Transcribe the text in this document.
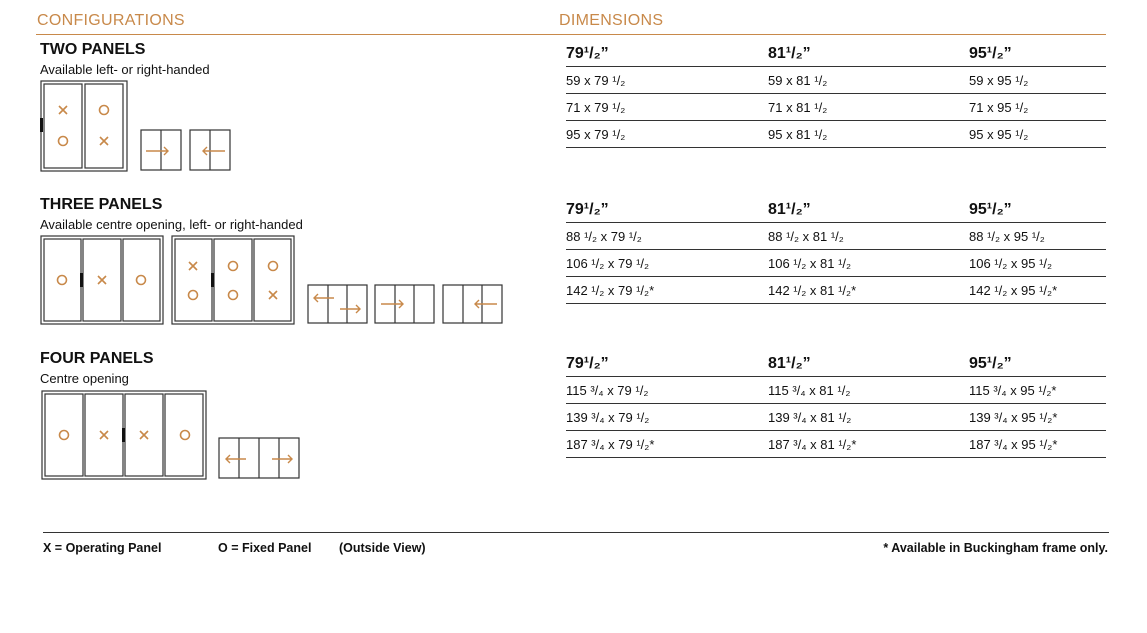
CONFIGURATIONS	DIMENSIONS
TWO PANELS
Available left- or right-handed
THREE PANELS
Available centre opening, left- or right-handed
FOUR PANELS
Centre opening
79¹/₂”	81¹/₂”	95¹/₂”
59 x 79 ¹/₂	59 x 81 ¹/₂	59 x 95 ¹/₂
71 x 79 ¹/₂	71 x 81 ¹/₂	71 x 95 ¹/₂
95 x 79 ¹/₂	95 x 81 ¹/₂	95 x 95 ¹/₂
79¹/₂”	81¹/₂”	95¹/₂”
88 ¹/₂ x 79 ¹/₂	88 ¹/₂ x 81 ¹/₂	88 ¹/₂ x 95 ¹/₂
106 ¹/₂ x 79 ¹/₂	106 ¹/₂ x 81 ¹/₂	106 ¹/₂ x 95 ¹/₂
142 ¹/₂ x 79 ¹/₂*	142 ¹/₂ x 81 ¹/₂*	142 ¹/₂ x 95 ¹/₂*
79¹/₂”	81¹/₂”	95¹/₂”
115 ³/₄ x 79 ¹/₂	115 ³/₄ x 81 ¹/₂	115 ³/₄ x 95 ¹/₂*
139 ³/₄ x 79 ¹/₂	139 ³/₄ x 81 ¹/₂	139 ³/₄ x 95 ¹/₂*
187 ³/₄ x 79 ¹/₂*	187 ³/₄ x 81 ¹/₂*	187 ³/₄ x 95 ¹/₂*
X = Operating Panel	O = Fixed Panel (Outside View)	* Available in Buckingham frame only.
